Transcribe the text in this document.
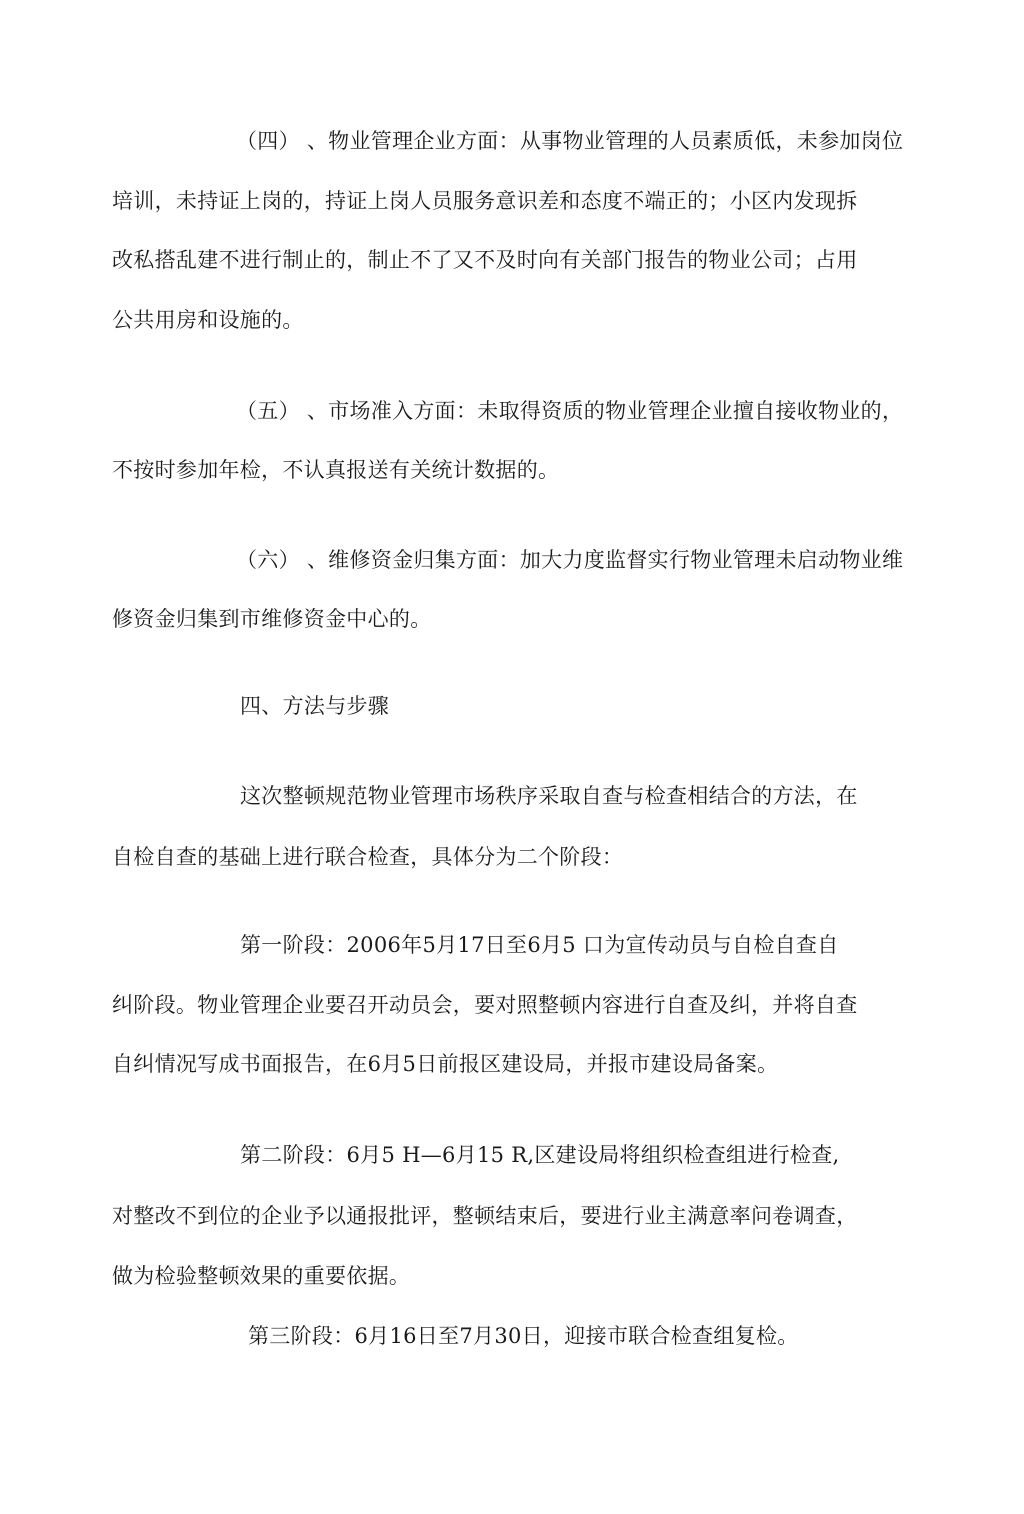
（四） 、物业管理企业方面：从事物业管理的人员素质低，未参加岗位
培训，未持证上岗的，持证上岗人员服务意识差和态度不端正的；小区内发现拆
改私搭乱建不进行制止的，制止不了又不及时向有关部门报告的物业公司；占用
公共用房和设施的。
（五） 、市场准入方面：未取得资质的物业管理企业擅自接收物业的，
不按时参加年检，不认真报送有关统计数据的。
（六） 、维修资金归集方面：加大力度监督实行物业管理未启动物业维
修资金归集到市维修资金中心的。
四、方法与步骤
这次整顿规范物业管理市场秩序采取自查与检查相结合的方法，在
自检自查的基础上进行联合检查，具体分为二个阶段：
第一阶段：2006年5月17日至6月5 口为宣传动员与自检自查自
纠阶段。物业管理企业要召开动员会，要对照整顿内容进行自查及纠，并将自查
自纠情况写成书面报告，在6月5日前报区建设局，并报市建设局备案。
第二阶段：6月5 H—6月15 R,区建设局将组织检查组进行检查,
对整改不到位的企业予以通报批评，整顿结束后，要进行业主满意率问卷调查，
做为检验整顿效果的重要依据。
第三阶段：6月16日至7月30日，迎接市联合检查组复检。
